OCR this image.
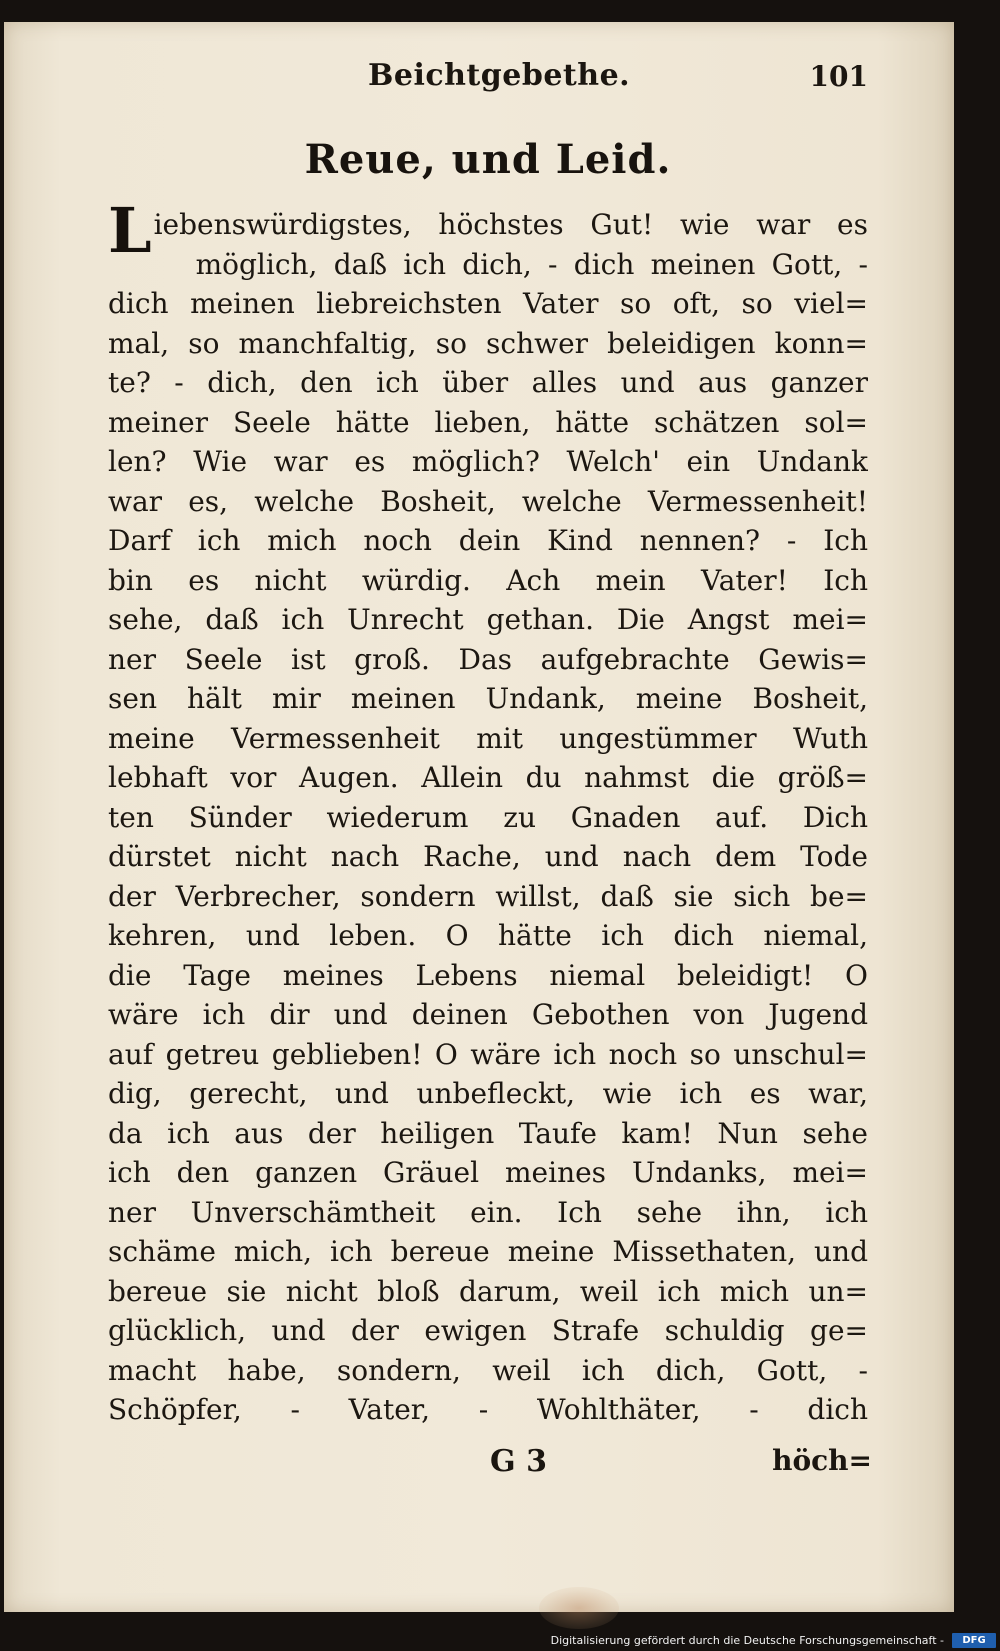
Beichtgebethe.	101
Reue, und Leid.
L iebenswürdigstes, höchstes Gut! wie war es
möglich, daß ich dich, - dich meinen Gott, -
dich meinen liebreichsten Vater so oft, so viel=
mal, so manchfaltig, so schwer beleidigen konn=
te? - dich, den ich über alles und aus ganzer
meiner Seele hätte lieben, hätte schätzen sol=
len? Wie war es möglich? Welch' ein Undank
war es, welche Bosheit, welche Vermessenheit!
Darf ich mich noch dein Kind nennen? - Ich
bin es nicht würdig. Ach mein Vater! Ich
sehe, daß ich Unrecht gethan. Die Angst mei=
ner Seele ist groß. Das aufgebrachte Gewis=
sen hält mir meinen Undank, meine Bosheit,
meine Vermessenheit mit ungestümmer Wuth
lebhaft vor Augen. Allein du nahmst die größ=
ten Sünder wiederum zu Gnaden auf. Dich
dürstet nicht nach Rache, und nach dem Tode
der Verbrecher, sondern willst, daß sie sich be=
kehren, und leben. O hätte ich dich niemal,
die Tage meines Lebens niemal beleidigt! O
wäre ich dir und deinen Gebothen von Jugend
auf getreu geblieben! O wäre ich noch so unschul=
dig, gerecht, und unbefleckt, wie ich es war,
da ich aus der heiligen Taufe kam! Nun sehe
ich den ganzen Gräuel meines Undanks, mei=
ner Unverschämtheit ein. Ich sehe ihn, ich
schäme mich, ich bereue meine Missethaten, und
bereue sie nicht bloß darum, weil ich mich un=
glücklich, und der ewigen Strafe schuldig ge=
macht habe, sondern, weil ich dich, Gott, -
Schöpfer, - Vater, - Wohlthäter, - dich
G 3	höch=
Digitalisierung gefördert durch die Deutsche Forschungsgemeinschaft -	DFG
